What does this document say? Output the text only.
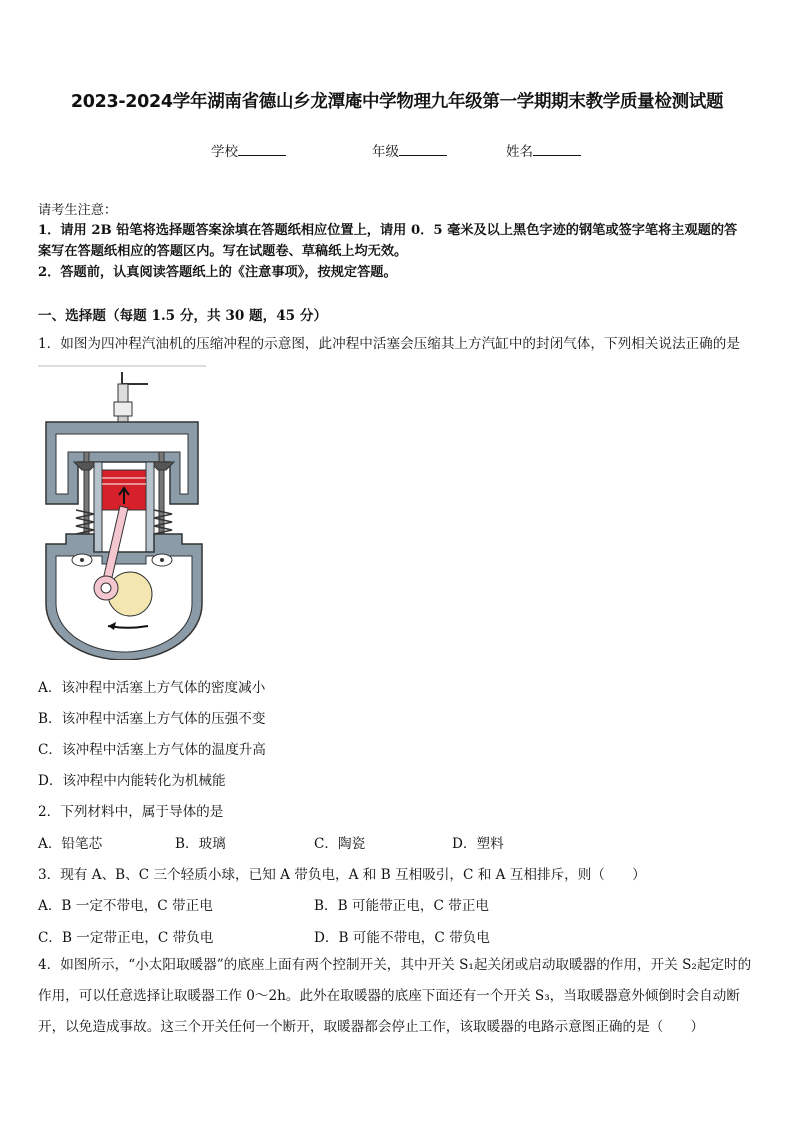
2023-2024学年湖南省德山乡龙潭庵中学物理九年级第一学期期末教学质量检测试题
学校	年级	姓名
请考生注意：
1．请用 2B 铅笔将选择题答案涂填在答题纸相应位置上，请用 0．5 毫米及以上黑色字迹的钢笔或签字笔将主观题的答
案写在答题纸相应的答题区内。写在试题卷、草稿纸上均无效。
2．答题前，认真阅读答题纸上的《注意事项》，按规定答题。
一、选择题（每题 1.5 分，共 30 题，45 分）
1．如图为四冲程汽油机的压缩冲程的示意图，此冲程中活塞会压缩其上方汽缸中的封闭气体，下列相关说法正确的是
A．该冲程中活塞上方气体的密度减小
B．该冲程中活塞上方气体的压强不变
C．该冲程中活塞上方气体的温度升高
D．该冲程中内能转化为机械能
2．下列材料中，属于导体的是
A．铅笔芯	B．玻璃	C．陶瓷	D．塑料
3．现有 A、B、C 三个轻质小球，已知 A 带负电，A 和 B 互相吸引，C 和 A 互相排斥，则（　　）
A．B 一定不带电，C 带正电	B．B 可能带正电，C 带正电
C．B 一定带正电，C 带负电	D．B 可能不带电，C 带负电
4．如图所示，“小太阳取暖器”的底座上面有两个控制开关，其中开关 S₁起关闭或启动取暖器的作用，开关 S₂起定时的作用，可以任意选择让取暖器工作 0～2h。此外在取暖器的底座下面还有一个开关 S₃，当取暖器意外倾倒时会自动断开，以免造成事故。这三个开关任何一个断开，取暖器都会停止工作，该取暖器的电路示意图正确的是（　　）
